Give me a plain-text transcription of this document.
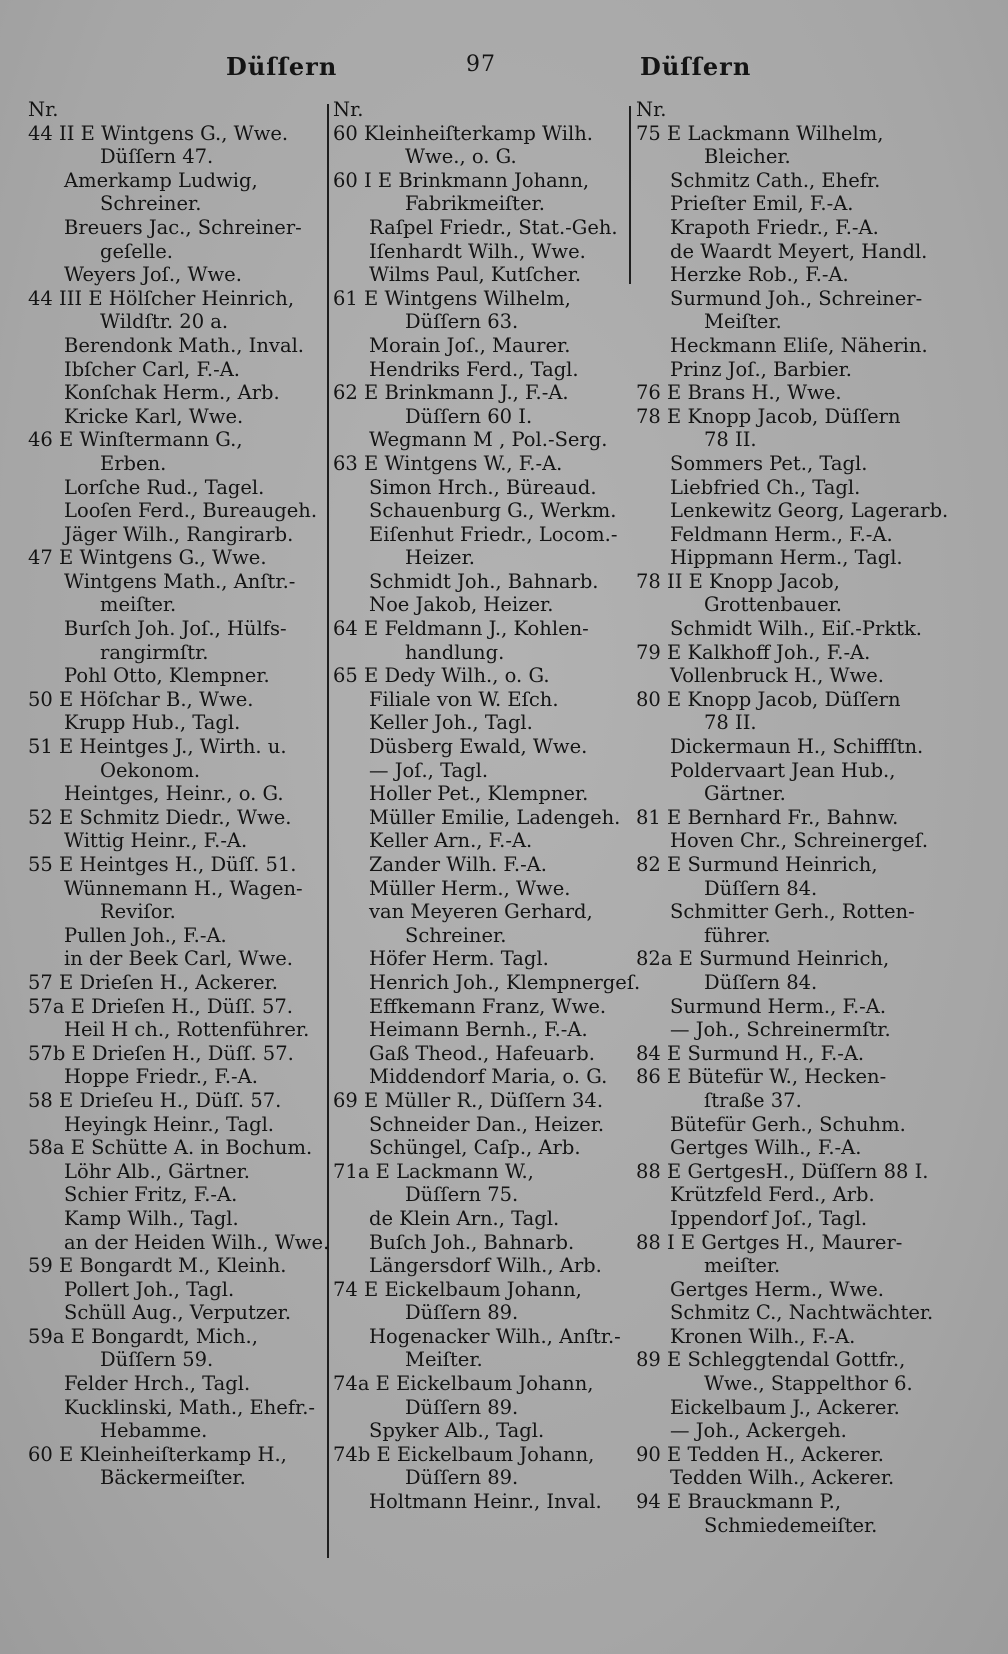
Düſſern	97	Düſſern
Nr.
44 II E Wintgens G., Wwe.
Düſſern 47.
Amerkamp Ludwig,
Schreiner.
Breuers Jac., Schreiner-
geſelle.
Weyers Joſ., Wwe.
44 III E Hölſcher Heinrich,
Wildſtr. 20 a.
Berendonk Math., Inval.
Ibſcher Carl, F.-A.
Konſchak Herm., Arb.
Kricke Karl, Wwe.
46 E Winſtermann G.,
Erben.
Lorſche Rud., Tagel.
Looſen Ferd., Bureaugeh.
Jäger Wilh., Rangirarb.
47 E Wintgens G., Wwe.
Wintgens Math., Anſtr.-
meiſter.
Burſch Joh. Joſ., Hülfs-
rangirmſtr.
Pohl Otto, Klempner.
50 E Höſchar B., Wwe.
Krupp Hub., Tagl.
51 E Heintges J., Wirth. u.
Oekonom.
Heintges, Heinr., o. G.
52 E Schmitz Diedr., Wwe.
Wittig Heinr., F.-A.
55 E Heintges H., Düſſ. 51.
Wünnemann H., Wagen-
Reviſor.
Pullen Joh., F.-A.
in der Beek Carl, Wwe.
57 E Drieſen H., Ackerer.
57a E Drieſen H., Düſſ. 57.
Heil H ch., Rottenführer.
57b E Drieſen H., Düſſ. 57.
Hoppe Friedr., F.-A.
58 E Drieſeu H., Düſſ. 57.
Heyingk Heinr., Tagl.
58a E Schütte A. in Bochum.
Löhr Alb., Gärtner.
Schier Fritz, F.-A.
Kamp Wilh., Tagl.
an der Heiden Wilh., Wwe.
59 E Bongardt M., Kleinh.
Pollert Joh., Tagl.
Schüll Aug., Verputzer.
59a E Bongardt, Mich.,
Düſſern 59.
Felder Hrch., Tagl.
Kucklinski, Math., Ehefr.-
Hebamme.
60 E Kleinheiſterkamp H.,
Bäckermeiſter.
Nr.
60 Kleinheiſterkamp Wilh.
Wwe., o. G.
60 I E Brinkmann Johann,
Fabrikmeiſter.
Raſpel Friedr., Stat.-Geh.
Iſenhardt Wilh., Wwe.
Wilms Paul, Kutſcher.
61 E Wintgens Wilhelm,
Düſſern 63.
Morain Joſ., Maurer.
Hendriks Ferd., Tagl.
62 E Brinkmann J., F.-A.
Düſſern 60 I.
Wegmann M , Pol.-Serg.
63 E Wintgens W., F.-A.
Simon Hrch., Büreaud.
Schauenburg G., Werkm.
Eiſenhut Friedr., Locom.-
Heizer.
Schmidt Joh., Bahnarb.
Noe Jakob, Heizer.
64 E Feldmann J., Kohlen-
handlung.
65 E Dedy Wilh., o. G.
Filiale von W. Eſch.
Keller Joh., Tagl.
Düsberg Ewald, Wwe.
— Joſ., Tagl.
Holler Pet., Klempner.
Müller Emilie, Ladengeh.
Keller Arn., F.-A.
Zander Wilh. F.-A.
Müller Herm., Wwe.
van Meyeren Gerhard,
Schreiner.
Höfer Herm. Tagl.
Henrich Joh., Klempnergeſ.
Effkemann Franz, Wwe.
Heimann Bernh., F.-A.
Gaß Theod., Hafeuarb.
Middendorf Maria, o. G.
69 E Müller R., Düſſern 34.
Schneider Dan., Heizer.
Schüngel, Caſp., Arb.
71a E Lackmann W.,
Düſſern 75.
de Klein Arn., Tagl.
Buſch Joh., Bahnarb.
Längersdorf Wilh., Arb.
74 E Eickelbaum Johann,
Düſſern 89.
Hogenacker Wilh., Anſtr.-
Meiſter.
74a E Eickelbaum Johann,
Düſſern 89.
Spyker Alb., Tagl.
74b E Eickelbaum Johann,
Düſſern 89.
Holtmann Heinr., Inval.
Nr.
75 E Lackmann Wilhelm,
Bleicher.
Schmitz Cath., Ehefr.
Prieſter Emil, F.-A.
Krapoth Friedr., F.-A.
de Waardt Meyert, Handl.
Herzke Rob., F.-A.
Surmund Joh., Schreiner-
Meiſter.
Heckmann Eliſe, Näherin.
Prinz Joſ., Barbier.
76 E Brans H., Wwe.
78 E Knopp Jacob, Düſſern
78 II.
Sommers Pet., Tagl.
Liebfried Ch., Tagl.
Lenkewitz Georg, Lagerarb.
Feldmann Herm., F.-A.
Hippmann Herm., Tagl.
78 II E Knopp Jacob,
Grottenbauer.
Schmidt Wilh., Eiſ.-Prktk.
79 E Kalkhoff Joh., F.-A.
Vollenbruck H., Wwe.
80 E Knopp Jacob, Düſſern
78 II.
Dickermaun H., Schiffſtn.
Poldervaart Jean Hub.,
Gärtner.
81 E Bernhard Fr., Bahnw.
Hoven Chr., Schreinergeſ.
82 E Surmund Heinrich,
Düſſern 84.
Schmitter Gerh., Rotten-
führer.
82a E Surmund Heinrich,
Düſſern 84.
Surmund Herm., F.-A.
— Joh., Schreinermſtr.
84 E Surmund H., F.-A.
86 E Bütefür W., Hecken-
ſtraße 37.
Bütefür Gerh., Schuhm.
Gertges Wilh., F.-A.
88 E GertgesH., Düſſern 88 I.
Krützfeld Ferd., Arb.
Ippendorf Joſ., Tagl.
88 I E Gertges H., Maurer-
meiſter.
Gertges Herm., Wwe.
Schmitz C., Nachtwächter.
Kronen Wilh., F.-A.
89 E Schleggtendal Gottfr.,
Wwe., Stappelthor 6.
Eickelbaum J., Ackerer.
— Joh., Ackergeh.
90 E Tedden H., Ackerer.
Tedden Wilh., Ackerer.
94 E Brauckmann P.,
Schmiedemeiſter.
